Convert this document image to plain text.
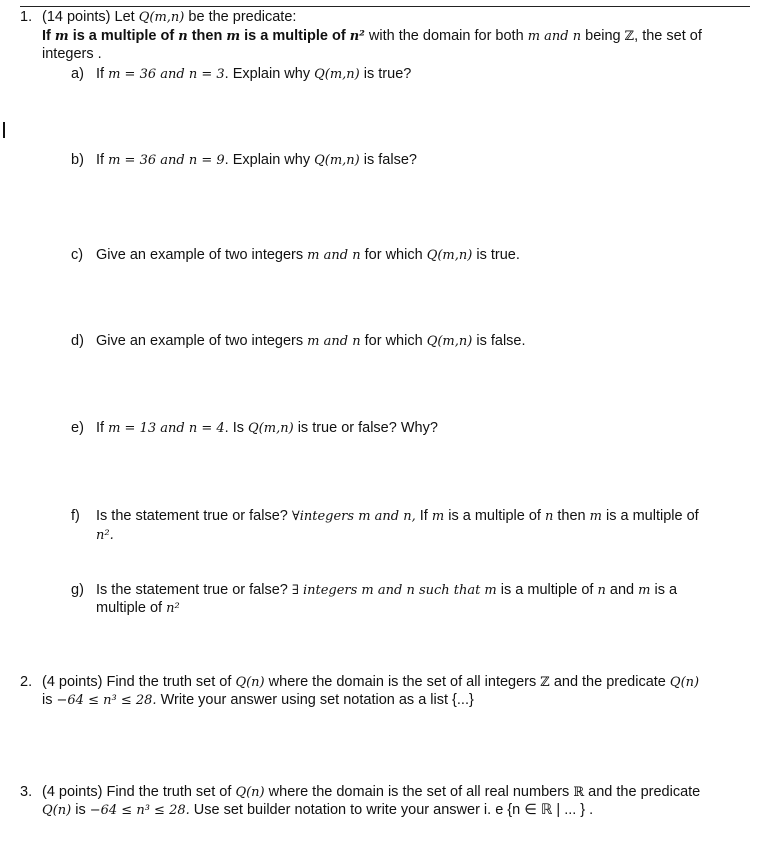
1. (14 points) Let Q(m,n) be the predicate:
If m is a multiple of n then m is a multiple of n² with the domain for both m and n being ℤ, the set of
integers .
a) If m = 36 and n = 3. Explain why Q(m,n) is true?
b) If m = 36 and n = 9. Explain why Q(m,n) is false?
c) Give an example of two integers m and n for which Q(m,n) is true.
d) Give an example of two integers m and n for which Q(m,n) is false.
e) If m = 13 and n = 4. Is Q(m,n) is true or false? Why?
f) Is the statement true or false? ∀integers m and n, If m is a multiple of n then m is a multiple of
n².
g) Is the statement true or false? ∃ integers m and n such that m is a multiple of n and m is a
multiple of n²
2. (4 points) Find the truth set of Q(n) where the domain is the set of all integers ℤ and the predicate Q(n)
is −64 ≤ n³ ≤ 28. Write your answer using set notation as a list {...}
3. (4 points) Find the truth set of Q(n) where the domain is the set of all real numbers ℝ and the predicate
Q(n) is −64 ≤ n³ ≤ 28. Use set builder notation to write your answer i. e {n ∈ ℝ | ... } .
